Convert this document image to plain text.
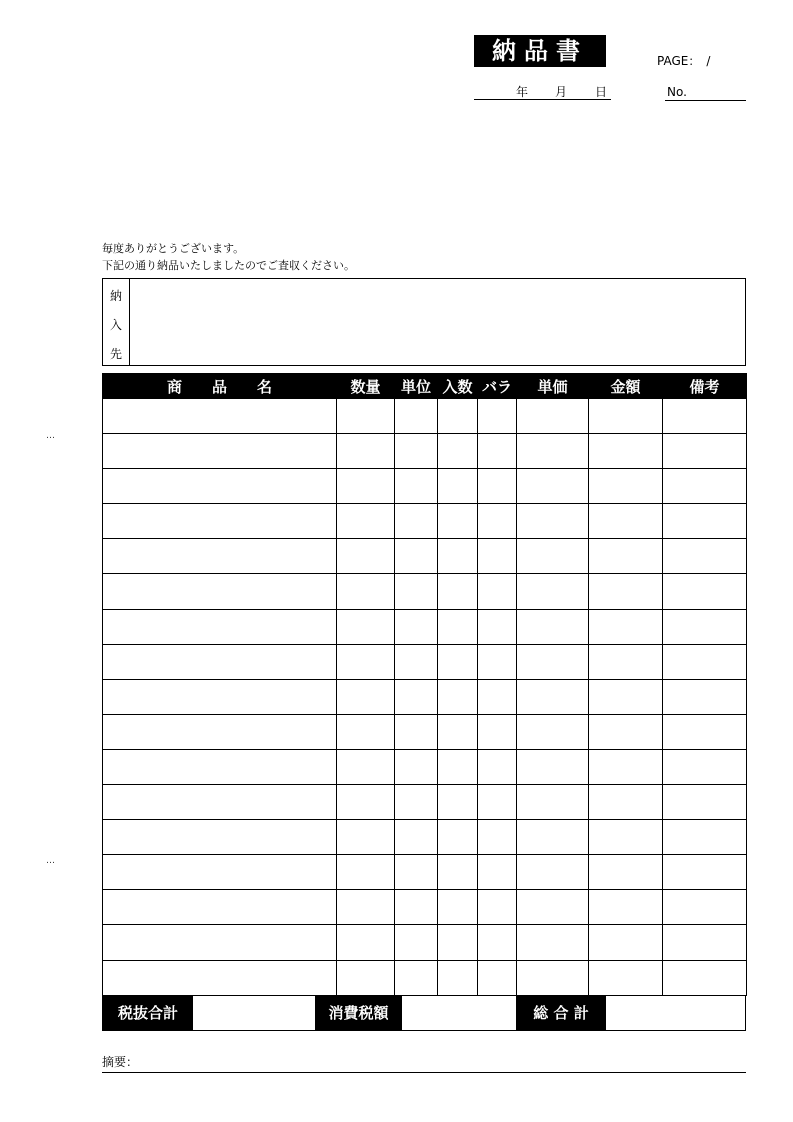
納品書	PAGE：　/
年 月 日	No.
毎度ありがとうございます。
下記の通り納品いたしましたのでご査収ください。
納
入
先
商　　品　　名	数量	単位	入数	バラ	単価	金額	備考

税抜合計	消費税額	総 合 計
摘要：
…
…
